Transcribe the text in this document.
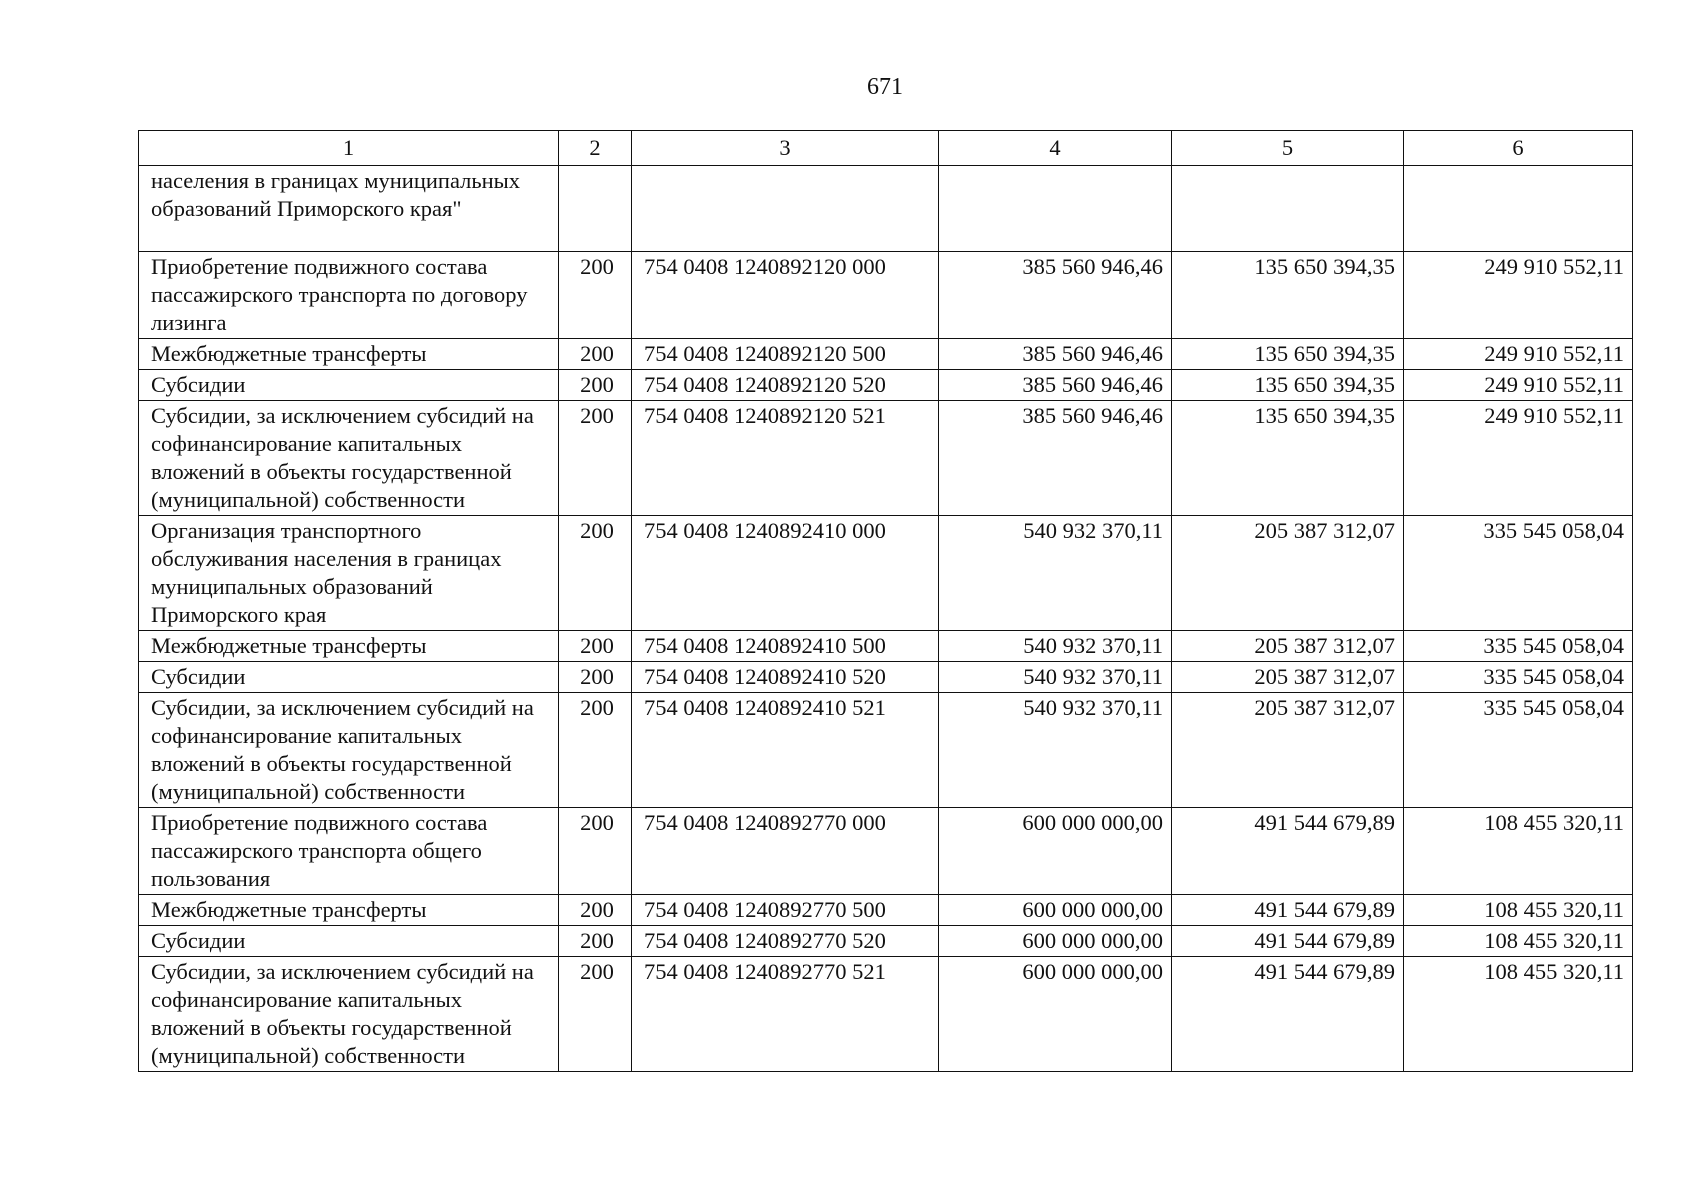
671
1	2	3	4	5	6
населения в границах муниципальных образований Приморского края"					
Приобретение подвижного состава пассажирского транспорта по договору лизинга	200	754 0408 1240892120 000	385 560 946,46	135 650 394,35	249 910 552,11
Межбюджетные трансферты	200	754 0408 1240892120 500	385 560 946,46	135 650 394,35	249 910 552,11
Субсидии	200	754 0408 1240892120 520	385 560 946,46	135 650 394,35	249 910 552,11
Субсидии, за исключением субсидий на софинансирование капитальных вложений в объекты государственной (муниципальной) собственности	200	754 0408 1240892120 521	385 560 946,46	135 650 394,35	249 910 552,11
Организация транспортного обслуживания населения в границах муниципальных образований Приморского края	200	754 0408 1240892410 000	540 932 370,11	205 387 312,07	335 545 058,04
Межбюджетные трансферты	200	754 0408 1240892410 500	540 932 370,11	205 387 312,07	335 545 058,04
Субсидии	200	754 0408 1240892410 520	540 932 370,11	205 387 312,07	335 545 058,04
Субсидии, за исключением субсидий на софинансирование капитальных вложений в объекты государственной (муниципальной) собственности	200	754 0408 1240892410 521	540 932 370,11	205 387 312,07	335 545 058,04
Приобретение подвижного состава пассажирского транспорта общего пользования	200	754 0408 1240892770 000	600 000 000,00	491 544 679,89	108 455 320,11
Межбюджетные трансферты	200	754 0408 1240892770 500	600 000 000,00	491 544 679,89	108 455 320,11
Субсидии	200	754 0408 1240892770 520	600 000 000,00	491 544 679,89	108 455 320,11
Субсидии, за исключением субсидий на софинансирование капитальных вложений в объекты государственной (муниципальной) собственности	200	754 0408 1240892770 521	600 000 000,00	491 544 679,89	108 455 320,11
